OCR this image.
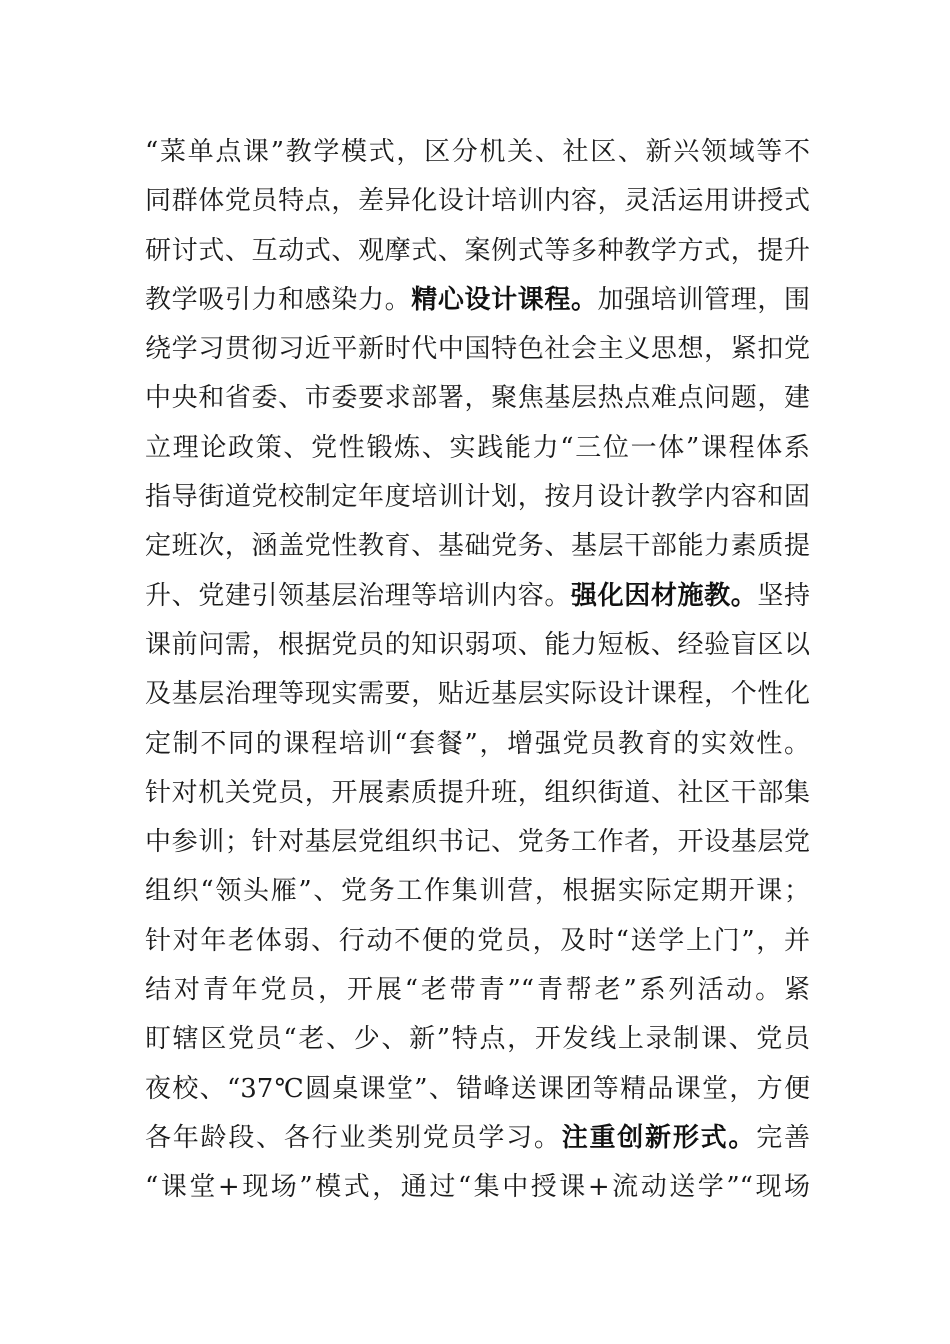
“菜单点课”教学模式，区分机关、社区、新兴领域等不
同群体党员特点，差异化设计培训内容，灵活运用讲授式
研讨式、互动式、观摩式、案例式等多种教学方式，提升
教学吸引力和感染力。精心设计课程。加强培训管理，围
绕学习贯彻习近平新时代中国特色社会主义思想，紧扣党
中央和省委、市委要求部署，聚焦基层热点难点问题，建
立理论政策、党性锻炼、实践能力“三位一体”课程体系
指导街道党校制定年度培训计划，按月设计教学内容和固
定班次，涵盖党性教育、基础党务、基层干部能力素质提
升、党建引领基层治理等培训内容。强化因材施教。坚持
课前问需，根据党员的知识弱项、能力短板、经验盲区以
及基层治理等现实需要，贴近基层实际设计课程，个性化
定制不同的课程培训“套餐”，增强党员教育的实效性。
针对机关党员，开展素质提升班，组织街道、社区干部集
中参训；针对基层党组织书记、党务工作者，开设基层党
组织“领头雁”、党务工作集训营，根据实际定期开课；
针对年老体弱、行动不便的党员，及时“送学上门”，并
结对青年党员，开展“老带青”“青帮老”系列活动。紧
盯辖区党员“老、少、新”特点，开发线上录制课、党员
夜校、“37℃圆桌课堂”、错峰送课团等精品课堂，方便
各年龄段、各行业类别党员学习。注重创新形式。完善
“课堂+现场”模式，通过“集中授课+流动送学”“现场
